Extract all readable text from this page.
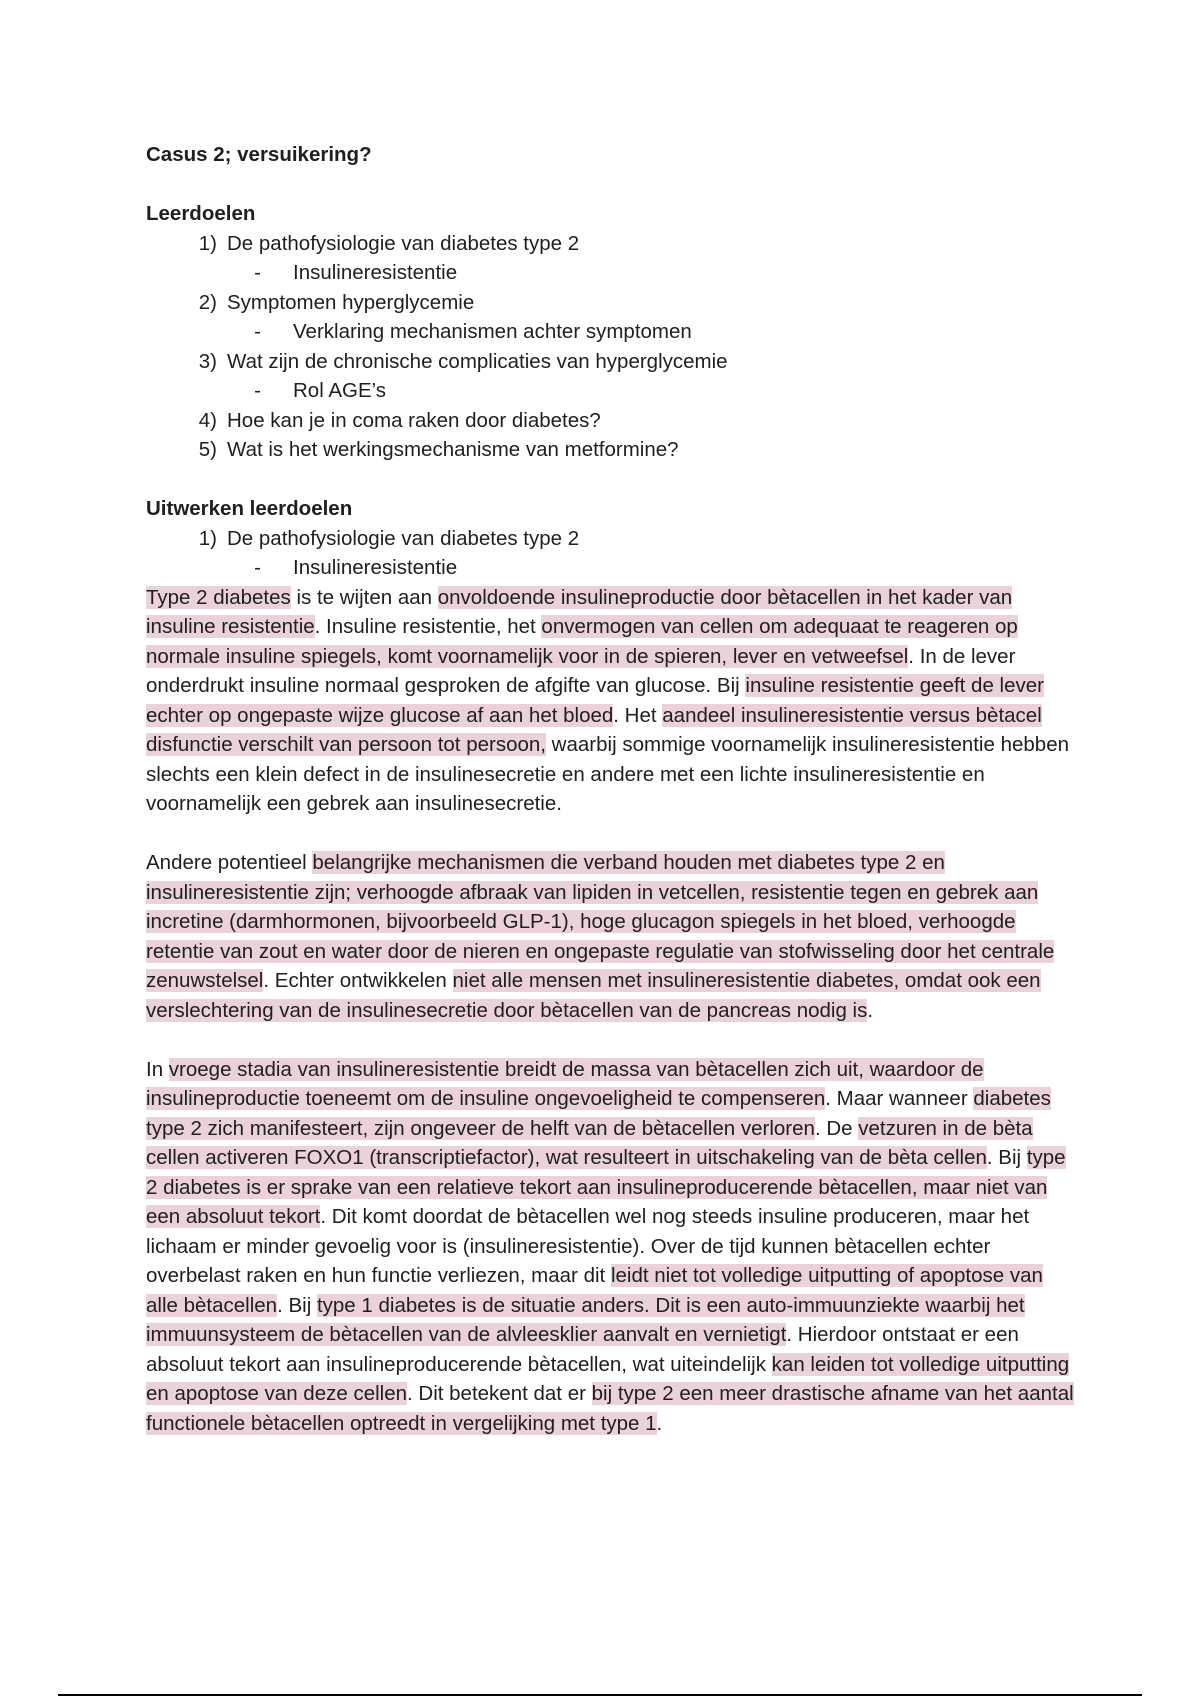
Casus 2; versuikering?

Leerdoelen

1) De pathofysiologie van diabetes type 2
-	Insulineresistentie
2) Symptomen hyperglycemie
-	Verklaring mechanismen achter symptomen
3) Wat zijn de chronische complicaties van hyperglycemie
-	Rol AGE’s
4) Hoe kan je in coma raken door diabetes?
5) Wat is het werkingsmechanisme van metformine?

Uitwerken leerdoelen

1) De pathofysiologie van diabetes type 2
-	Insulineresistentie

Type 2 diabetes is te wijten aan onvoldoende insulineproductie door bètacellen in het kader van insuline resistentie. Insuline resistentie, het onvermogen van cellen om adequaat te reageren op normale insuline spiegels, komt voornamelijk voor in de spieren, lever en vetweefsel. In de lever onderdrukt insuline normaal gesproken de afgifte van glucose. Bij insuline resistentie geeft de lever echter op ongepaste wijze glucose af aan het bloed. Het aandeel insulineresistentie versus bètacel disfunctie verschilt van persoon tot persoon, waarbij sommige voornamelijk insulineresistentie hebben slechts een klein defect in de insulinesecretie en andere met een lichte insulineresistentie en voornamelijk een gebrek aan insulinesecretie.

Andere potentieel belangrijke mechanismen die verband houden met diabetes type 2 en insulineresistentie zijn; verhoogde afbraak van lipiden in vetcellen, resistentie tegen en gebrek aan incretine (darmhormonen, bijvoorbeeld GLP-1), hoge glucagon spiegels in het bloed, verhoogde retentie van zout en water door de nieren en ongepaste regulatie van stofwisseling door het centrale zenuwstelsel. Echter ontwikkelen niet alle mensen met insulineresistentie diabetes, omdat ook een verslechtering van de insulinesecretie door bètacellen van de pancreas nodig is.

In vroege stadia van insulineresistentie breidt de massa van bètacellen zich uit, waardoor de insulineproductie toeneemt om de insuline ongevoeligheid te compenseren. Maar wanneer diabetes type 2 zich manifesteert, zijn ongeveer de helft van de bètacellen verloren. De vetzuren in de bèta cellen activeren FOXO1 (transcriptiefactor), wat resulteert in uitschakeling van de bèta cellen. Bij type 2 diabetes is er sprake van een relatieve tekort aan insulineproducerende bètacellen, maar niet van een absoluut tekort. Dit komt doordat de bètacellen wel nog steeds insuline produceren, maar het lichaam er minder gevoelig voor is (insulineresistentie). Over de tijd kunnen bètacellen echter overbelast raken en hun functie verliezen, maar dit leidt niet tot volledige uitputting of apoptose van alle bètacellen. Bij type 1 diabetes is de situatie anders. Dit is een auto-immuunziekte waarbij het immuunsysteem de bètacellen van de alvleesklier aanvalt en vernietigt. Hierdoor ontstaat er een absoluut tekort aan insulineproducerende bètacellen, wat uiteindelijk kan leiden tot volledige uitputting en apoptose van deze cellen. Dit betekent dat er bij type 2 een meer drastische afname van het aantal functionele bètacellen optreedt in vergelijking met type 1.
